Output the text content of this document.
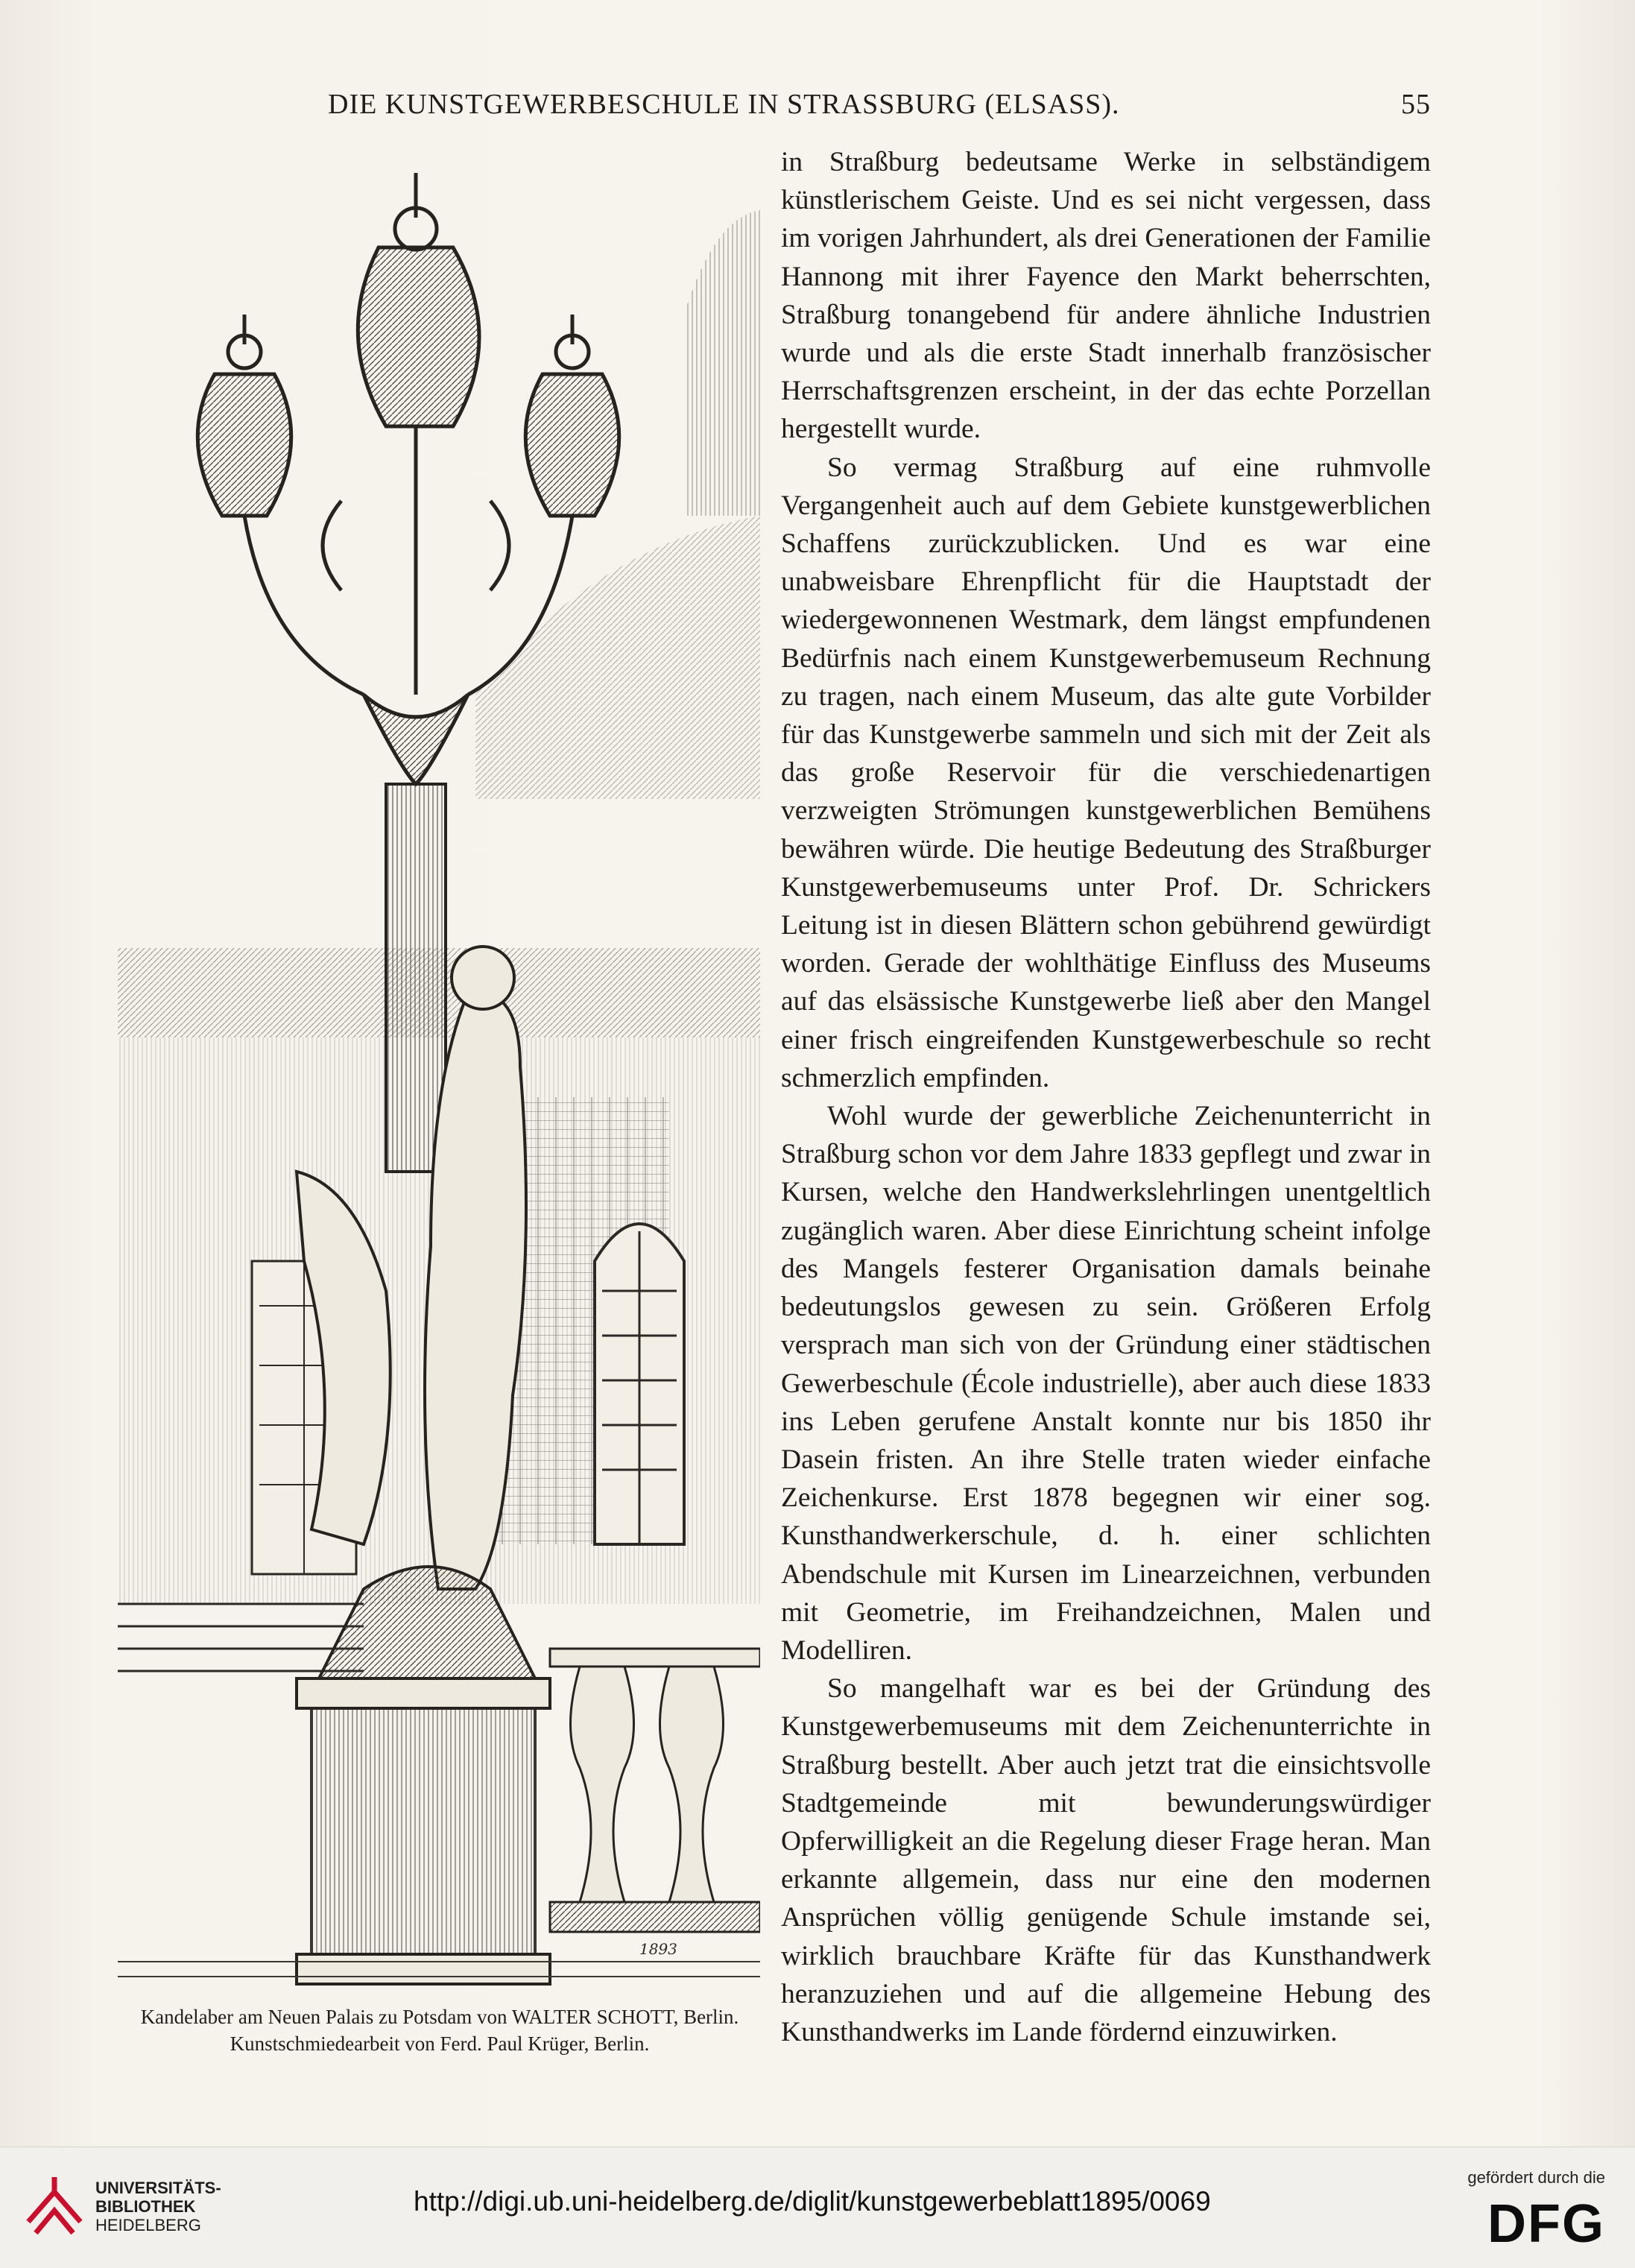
DIE KUNSTGEWERBESCHULE IN STRASSBURG (ELSASS).	55
1893
Kandelaber am Neuen Palais zu Potsdam von WALTER SCHOTT, Berlin.
Kunstschmiedearbeit von Ferd. Paul Krüger, Berlin.

in Straßburg bedeutsame Werke in selbständigem künstlerischem Geiste. Und es sei nicht vergessen, dass im vorigen Jahrhundert, als drei Generationen der Familie Hannong mit ihrer Fayence den Markt beherrschten, Straßburg tonangebend für andere ähnliche Industrien wurde und als die erste Stadt innerhalb französischer Herrschaftsgrenzen erscheint, in der das echte Porzellan hergestellt wurde.

So vermag Straßburg auf eine ruhmvolle Vergangenheit auch auf dem Gebiete kunstgewerblichen Schaffens zurückzublicken. Und es war eine unabweisbare Ehrenpflicht für die Hauptstadt der wiedergewonnenen Westmark, dem längst empfundenen Bedürfnis nach einem Kunstgewerbemuseum Rechnung zu tragen, nach einem Museum, das alte gute Vorbilder für das Kunstgewerbe sammeln und sich mit der Zeit als das große Reservoir für die verschiedenartigen verzweigten Strömungen kunstgewerblichen Bemühens bewähren würde. Die heutige Bedeutung des Straßburger Kunstgewerbemuseums unter Prof. Dr. Schrickers Leitung ist in diesen Blättern schon gebührend gewürdigt worden. Gerade der wohlthätige Einfluss des Museums auf das elsässische Kunstgewerbe ließ aber den Mangel einer frisch eingreifenden Kunstgewerbeschule so recht schmerzlich empfinden.

Wohl wurde der gewerbliche Zeichenunterricht in Straßburg schon vor dem Jahre 1833 gepflegt und zwar in Kursen, welche den Handwerkslehrlingen unentgeltlich zugänglich waren. Aber diese Einrichtung scheint infolge des Mangels festerer Organisation damals beinahe bedeutungslos gewesen zu sein. Größeren Erfolg versprach man sich von der Gründung einer städtischen Gewerbeschule (École industrielle), aber auch diese 1833 ins Leben gerufene Anstalt konnte nur bis 1850 ihr Dasein fristen. An ihre Stelle traten wieder einfache Zeichenkurse. Erst 1878 begegnen wir einer sog. Kunsthandwerkerschule, d. h. einer schlichten Abendschule mit Kursen im Linearzeichnen, verbunden mit Geometrie, im Freihandzeichnen, Malen und Modelliren.

So mangelhaft war es bei der Gründung des Kunstgewerbemuseums mit dem Zeichenunterrichte in Straßburg bestellt. Aber auch jetzt trat die einsichtsvolle Stadtgemeinde mit bewunderungswürdiger Opferwilligkeit an die Regelung dieser Frage heran. Man erkannte allgemein, dass nur eine den modernen Ansprüchen völlig genügende Schule imstande sei, wirklich brauchbare Kräfte für das Kunsthandwerk heranzuziehen und auf die allgemeine Hebung des Kunsthandwerks im Lande fördernd einzuwirken.

UNIVERSITÄTS-
BIBLIOTHEK
HEIDELBERG
http://digi.ub.uni-heidelberg.de/diglit/kunstgewerbeblatt1895/0069
gefördert durch die
DFG
